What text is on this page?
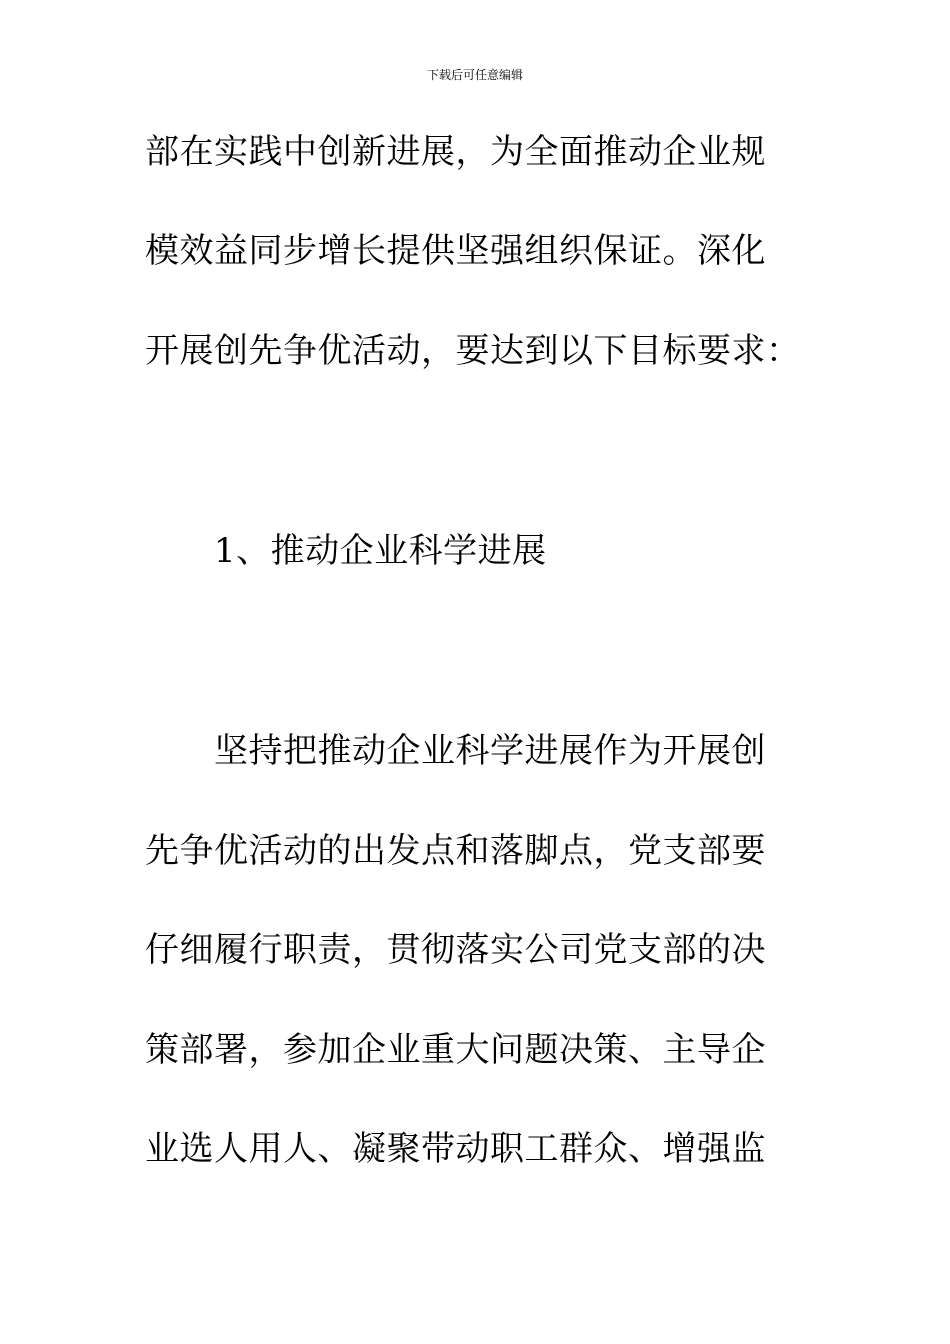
下载后可任意编辑
部在实践中创新进展，为全面推动企业规
模效益同步增长提供坚强组织保证。深化
开展创先争优活动，要达到以下目标要求：
1、推动企业科学进展
坚持把推动企业科学进展作为开展创
先争优活动的出发点和落脚点，党支部要
仔细履行职责，贯彻落实公司党支部的决
策部署，参加企业重大问题决策、主导企
业选人用人、凝聚带动职工群众、增强监
